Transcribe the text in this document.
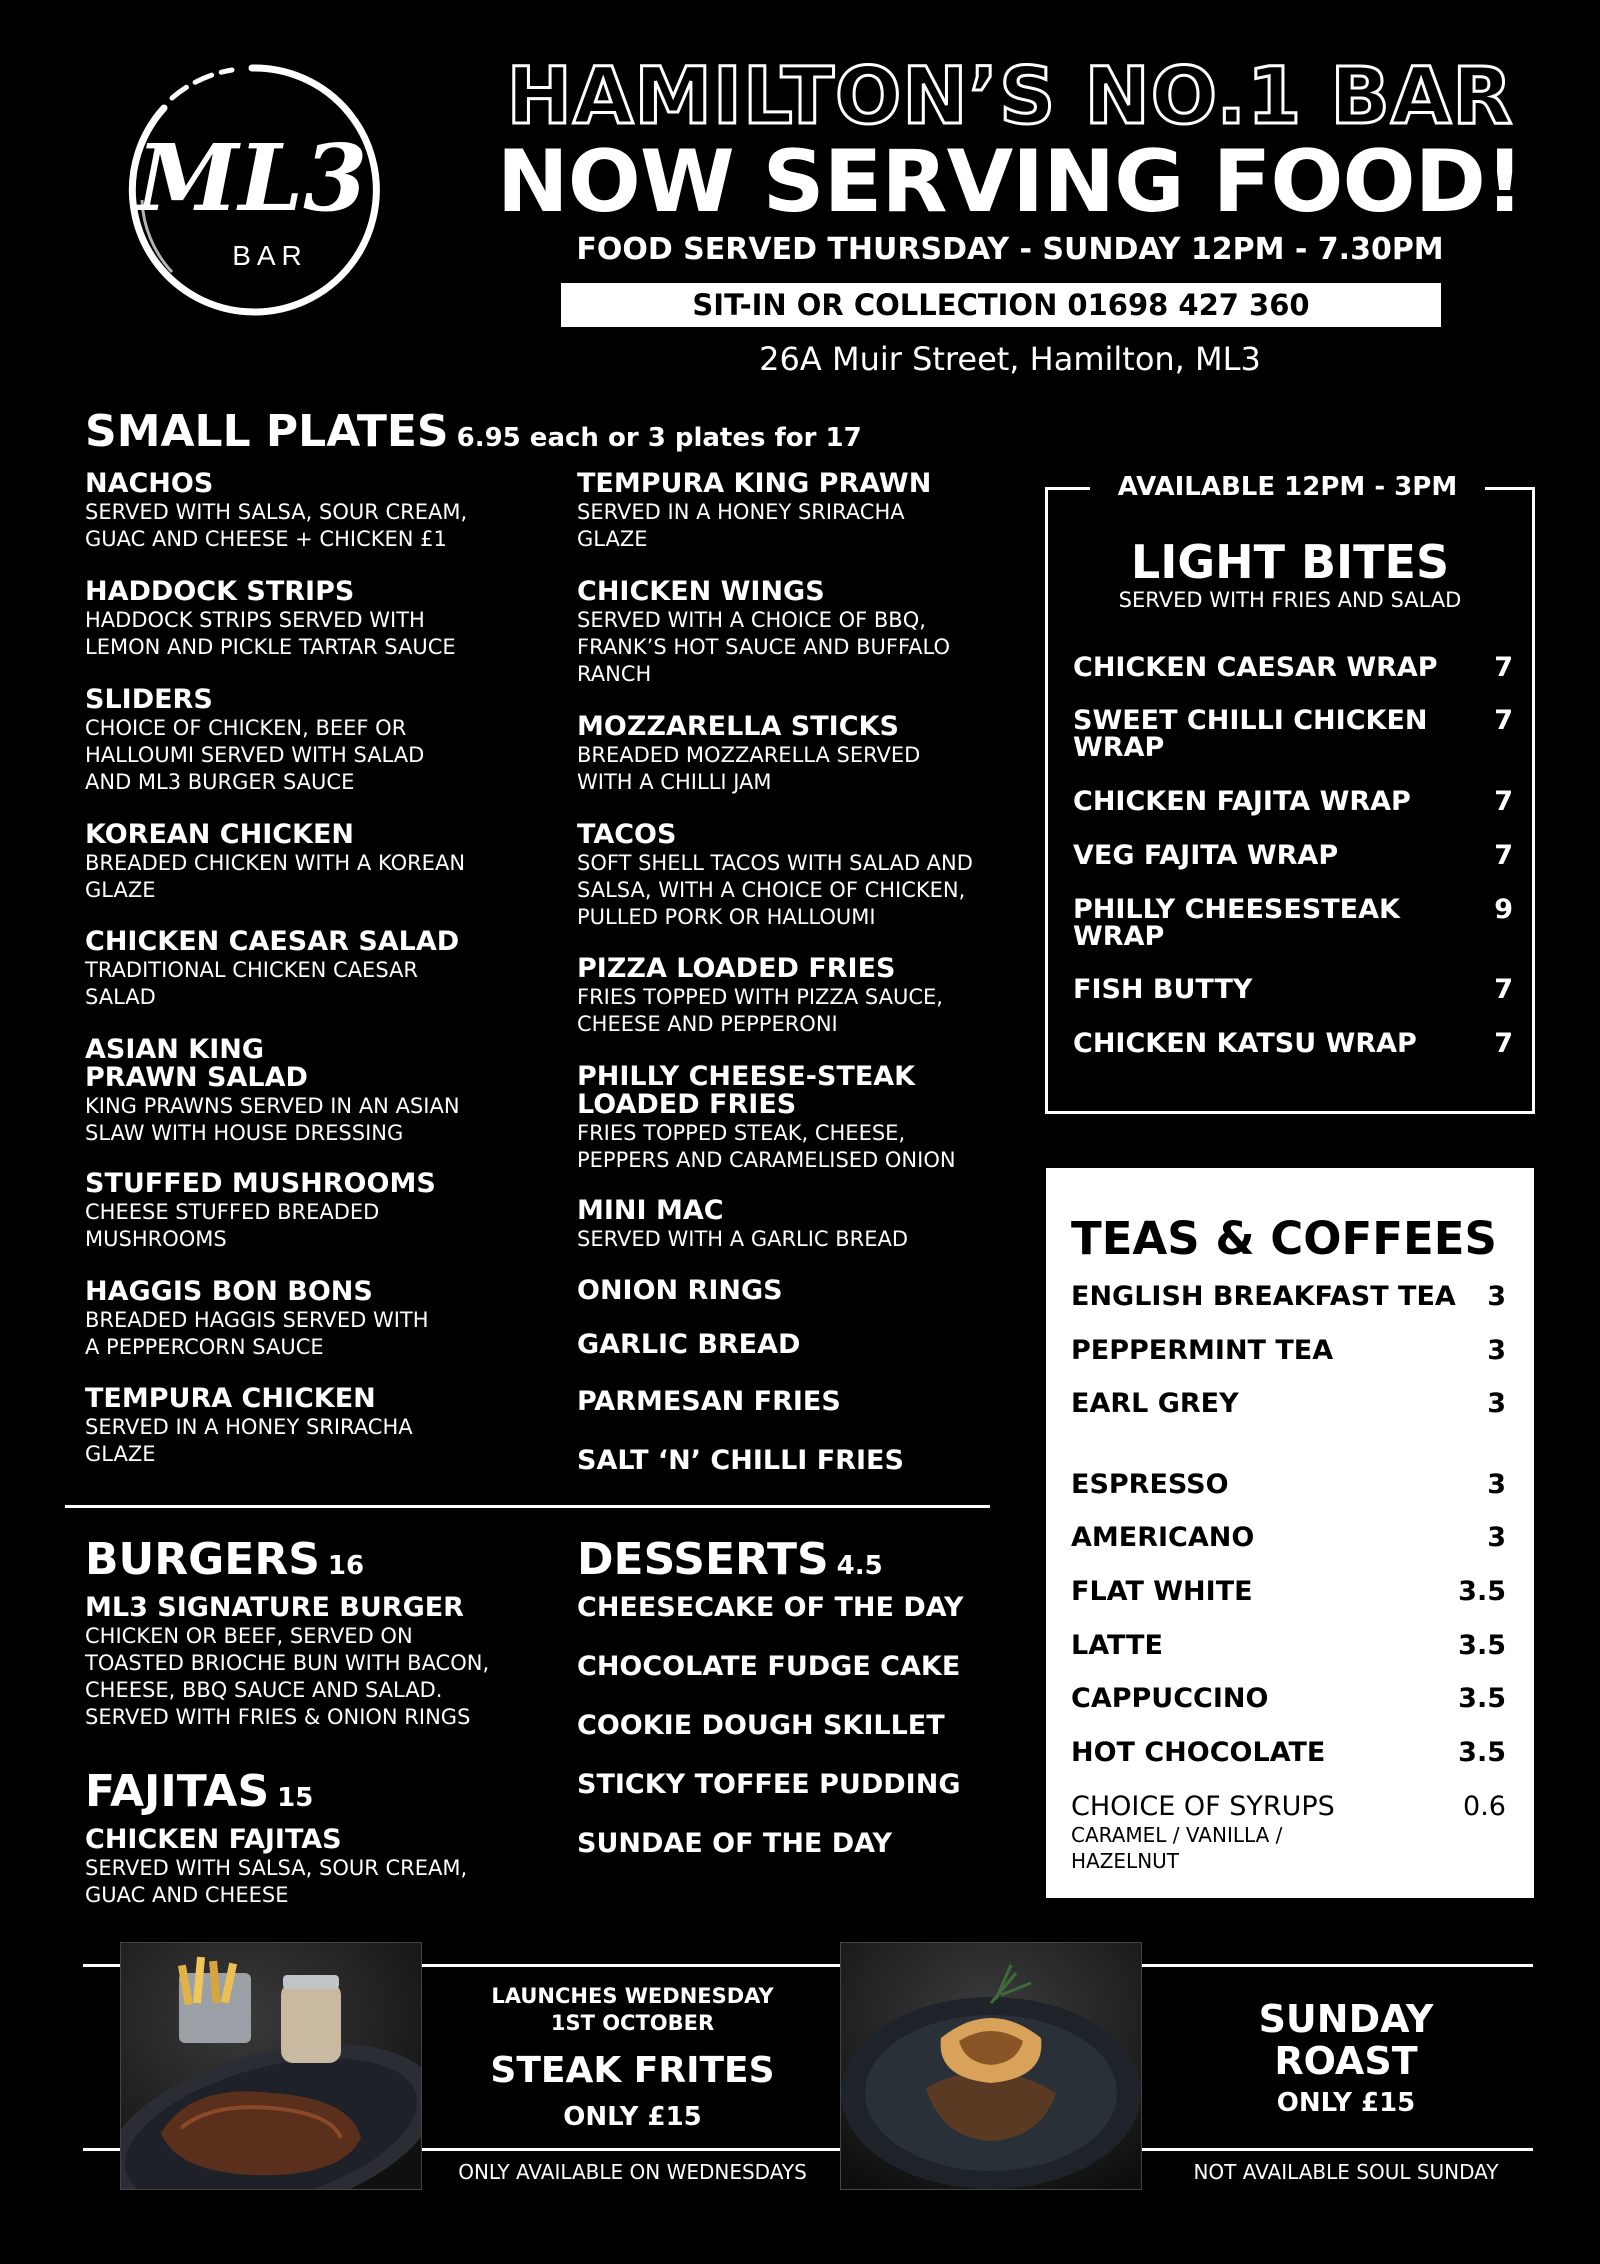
ML3
BAR
HAMILTON’S NO.1 BAR
NOW SERVING FOOD!
FOOD SERVED THURSDAY - SUNDAY 12PM - 7.30PM
SIT-IN OR COLLECTION 01698 427 360
26A Muir Street, Hamilton, ML3
SMALL PLATES 6.95 each or 3 plates for 17
NACHOS
SERVED WITH SALSA, SOUR CREAM,
GUAC AND CHEESE + CHICKEN £1
HADDOCK STRIPS
HADDOCK STRIPS SERVED WITH
LEMON AND PICKLE TARTAR SAUCE
SLIDERS
CHOICE OF CHICKEN, BEEF OR
HALLOUMI SERVED WITH SALAD
AND ML3 BURGER SAUCE
KOREAN CHICKEN
BREADED CHICKEN WITH A KOREAN
GLAZE
CHICKEN CAESAR SALAD
TRADITIONAL CHICKEN CAESAR
SALAD
ASIAN KING
PRAWN SALAD
KING PRAWNS SERVED IN AN ASIAN
SLAW WITH HOUSE DRESSING
STUFFED MUSHROOMS
CHEESE STUFFED BREADED
MUSHROOMS
HAGGIS BON BONS
BREADED HAGGIS SERVED WITH
A PEPPERCORN SAUCE
TEMPURA CHICKEN
SERVED IN A HONEY SRIRACHA
GLAZE
TEMPURA KING PRAWN
SERVED IN A HONEY SRIRACHA
GLAZE
CHICKEN WINGS
SERVED WITH A CHOICE OF BBQ,
FRANK’S HOT SAUCE AND BUFFALO
RANCH
MOZZARELLA STICKS
BREADED MOZZARELLA SERVED
WITH A CHILLI JAM
TACOS
SOFT SHELL TACOS WITH SALAD AND
SALSA, WITH A CHOICE OF CHICKEN,
PULLED PORK OR HALLOUMI
PIZZA LOADED FRIES
FRIES TOPPED WITH PIZZA SAUCE,
CHEESE AND PEPPERONI
PHILLY CHEESE-STEAK
LOADED FRIES
FRIES TOPPED STEAK, CHEESE,
PEPPERS AND CARAMELISED ONION
MINI MAC
SERVED WITH A GARLIC BREAD
ONION RINGS
GARLIC BREAD
PARMESAN FRIES
SALT ‘N’ CHILLI FRIES
BURGERS 16
ML3 SIGNATURE BURGER
CHICKEN OR BEEF, SERVED ON
TOASTED BRIOCHE BUN WITH BACON,
CHEESE, BBQ SAUCE AND SALAD.
SERVED WITH FRIES & ONION RINGS
FAJITAS 15
CHICKEN FAJITAS
SERVED WITH SALSA, SOUR CREAM,
GUAC AND CHEESE
DESSERTS 4.5
CHEESECAKE OF THE DAY
CHOCOLATE FUDGE CAKE
COOKIE DOUGH SKILLET
STICKY TOFFEE PUDDING
SUNDAE OF THE DAY
AVAILABLE 12PM - 3PM
LIGHT BITES
SERVED WITH FRIES AND SALAD
CHICKEN CAESAR WRAP	7
SWEET CHILLI CHICKEN
WRAP
7
CHICKEN FAJITA WRAP	7
VEG FAJITA WRAP	7
PHILLY CHEESESTEAK
WRAP
9
FISH BUTTY	7
CHICKEN KATSU WRAP	7
TEAS & COFFEES
ENGLISH BREAKFAST TEA	3
PEPPERMINT TEA	3
EARL GREY	3
ESPRESSO	3
AMERICANO	3
FLAT WHITE	3.5
LATTE	3.5
CAPPUCCINO	3.5
HOT CHOCOLATE	3.5
CHOICE OF SYRUPS	0.6
CARAMEL / VANILLA /
HAZELNUT
LAUNCHES WEDNESDAY
1ST OCTOBER
STEAK FRITES
ONLY £15
ONLY AVAILABLE ON WEDNESDAYS
SUNDAY
ROAST
ONLY £15
NOT AVAILABLE SOUL SUNDAY
